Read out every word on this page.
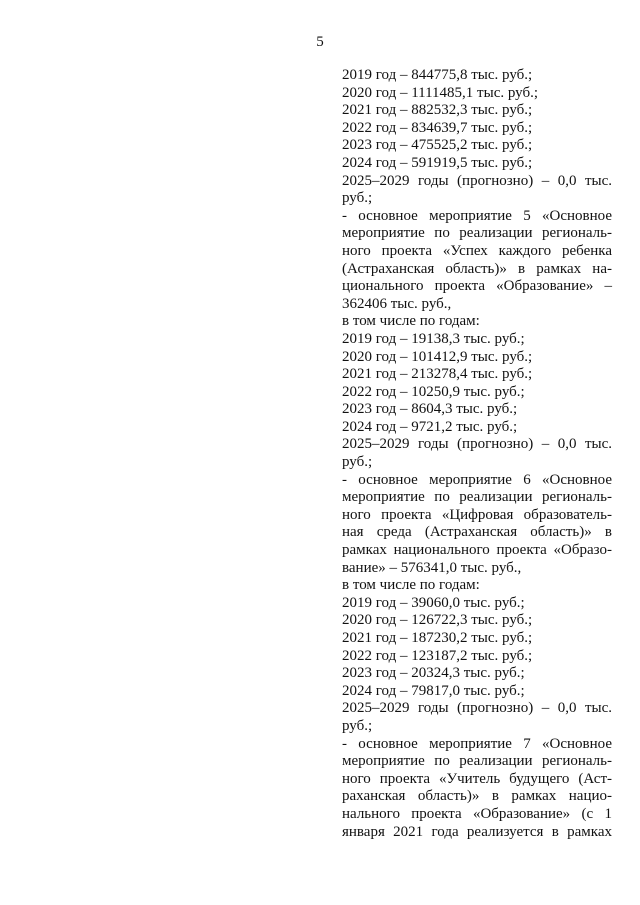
5
2019 год – 844775,8 тыс. руб.;
2020 год – 1111485,1 тыс. руб.;
2021 год – 882532,3 тыс. руб.;
2022 год – 834639,7 тыс. руб.;
2023 год – 475525,2 тыс. руб.;
2024 год – 591919,5 тыс. руб.;
2025–2029 годы (прогнозно) – 0,0 тыс.
руб.;
- основное мероприятие 5 «Основное
мероприятие по реализации региональ-
ного проекта «Успех каждого ребенка
(Астраханская область)» в рамках на-
ционального проекта «Образование» –
362406 тыс. руб.,
в том числе по годам:
2019 год – 19138,3 тыс. руб.;
2020 год – 101412,9 тыс. руб.;
2021 год – 213278,4 тыс. руб.;
2022 год – 10250,9 тыс. руб.;
2023 год – 8604,3 тыс. руб.;
2024 год – 9721,2 тыс. руб.;
2025–2029 годы (прогнозно) – 0,0 тыс.
руб.;
- основное мероприятие 6 «Основное
мероприятие по реализации региональ-
ного проекта «Цифровая образователь-
ная среда (Астраханская область)» в
рамках национального проекта «Образо-
вание» – 576341,0 тыс. руб.,
в том числе по годам:
2019 год – 39060,0 тыс. руб.;
2020 год – 126722,3 тыс. руб.;
2021 год – 187230,2 тыс. руб.;
2022 год – 123187,2 тыс. руб.;
2023 год – 20324,3 тыс. руб.;
2024 год – 79817,0 тыс. руб.;
2025–2029 годы (прогнозно) – 0,0 тыс.
руб.;
- основное мероприятие 7 «Основное
мероприятие по реализации региональ-
ного проекта «Учитель будущего (Аст-
раханская область)» в рамках нацио-
нального проекта «Образование» (с 1
января 2021 года реализуется в рамках
